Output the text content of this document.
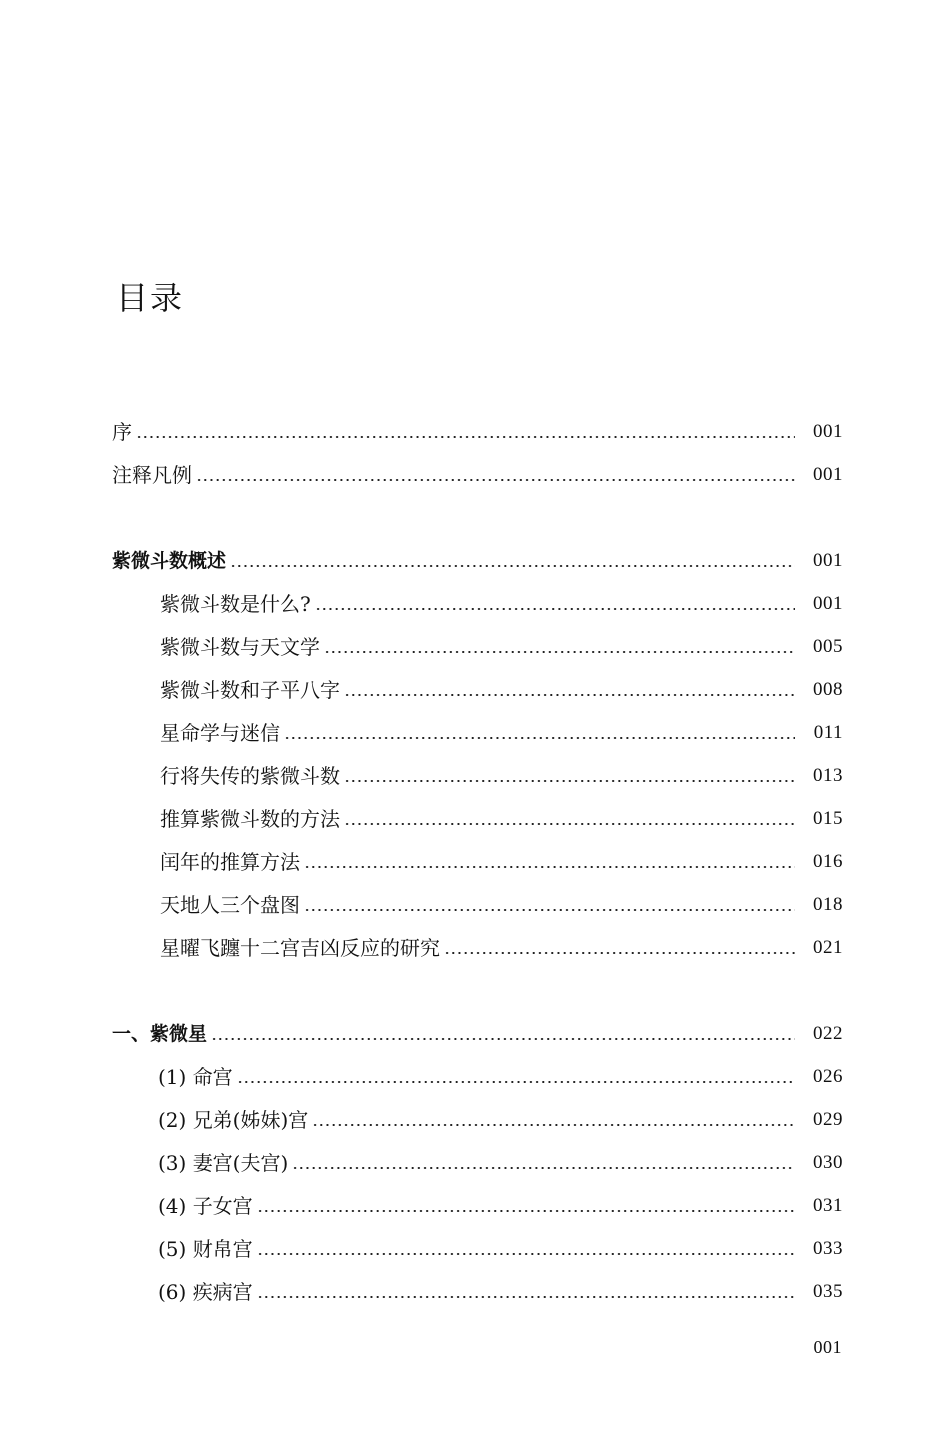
目录
序	001
注释凡例	001
紫微斗数概述	001
紫微斗数是什么?	001
紫微斗数与天文学	005
紫微斗数和子平八字	008
星命学与迷信	011
行将失传的紫微斗数	013
推算紫微斗数的方法	015
闰年的推算方法	016
天地人三个盘图	018
星曜飞躔十二宫吉凶反应的研究	021
一、紫微星	022
(1) 命宫	026
(2) 兄弟(姊妹)宫	029
(3) 妻宫(夫宫)	030
(4) 子女宫	031
(5) 财帛宫	033
(6) 疾病宫	035
001
